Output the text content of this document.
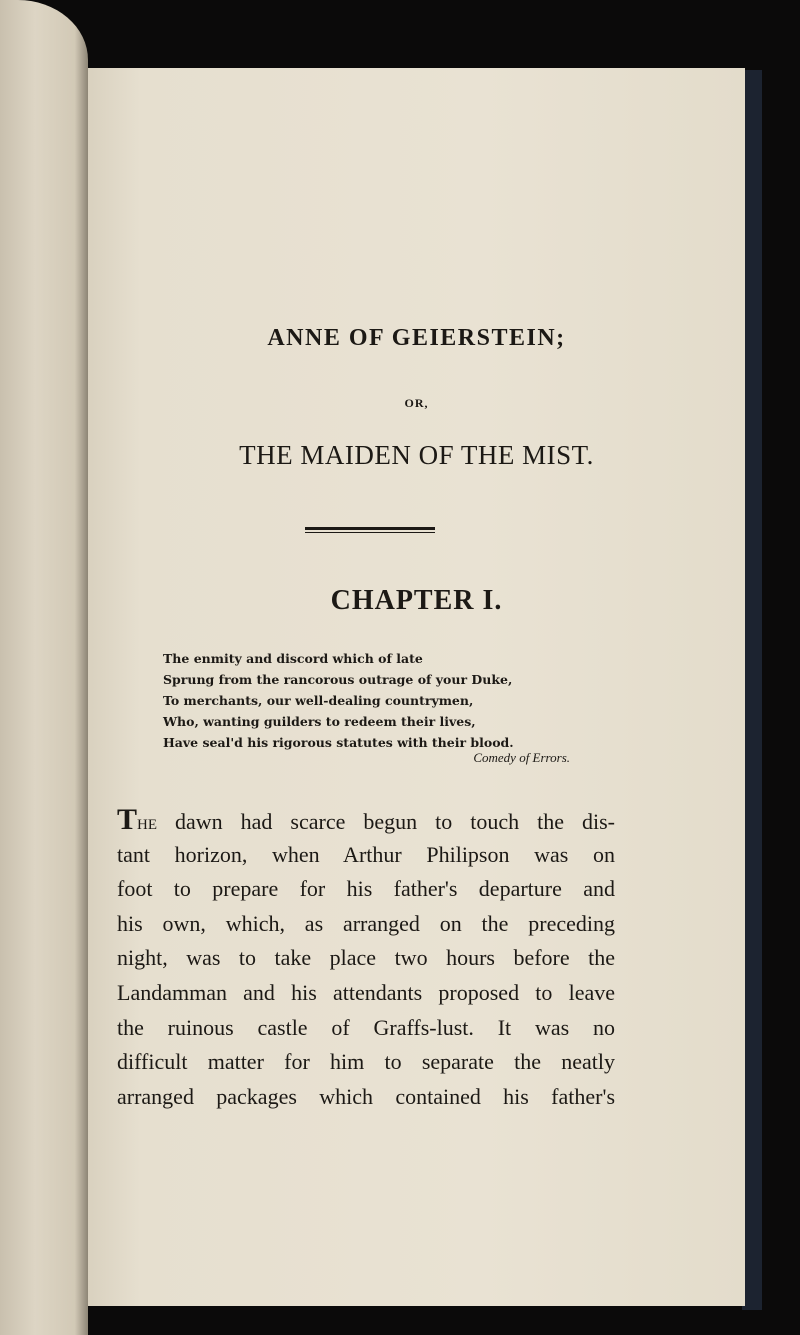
ANNE OF GEIERSTEIN;
OR,
THE MAIDEN OF THE MIST.
CHAPTER I.
The enmity and discord which of late
Sprung from the rancorous outrage of your Duke,
To merchants, our well-dealing countrymen,
Who, wanting guilders to redeem their lives,
Have seal'd his rigorous statutes with their blood.
Comedy of Errors.
The dawn had scarce begun to touch the dis-
tant horizon, when Arthur Philipson was on
foot to prepare for his father's departure and
his own, which, as arranged on the preceding
night, was to take place two hours before the
Landamman and his attendants proposed to leave
the ruinous castle of Graffs-lust. It was no
difficult matter for him to separate the neatly
arranged packages which contained his father's
